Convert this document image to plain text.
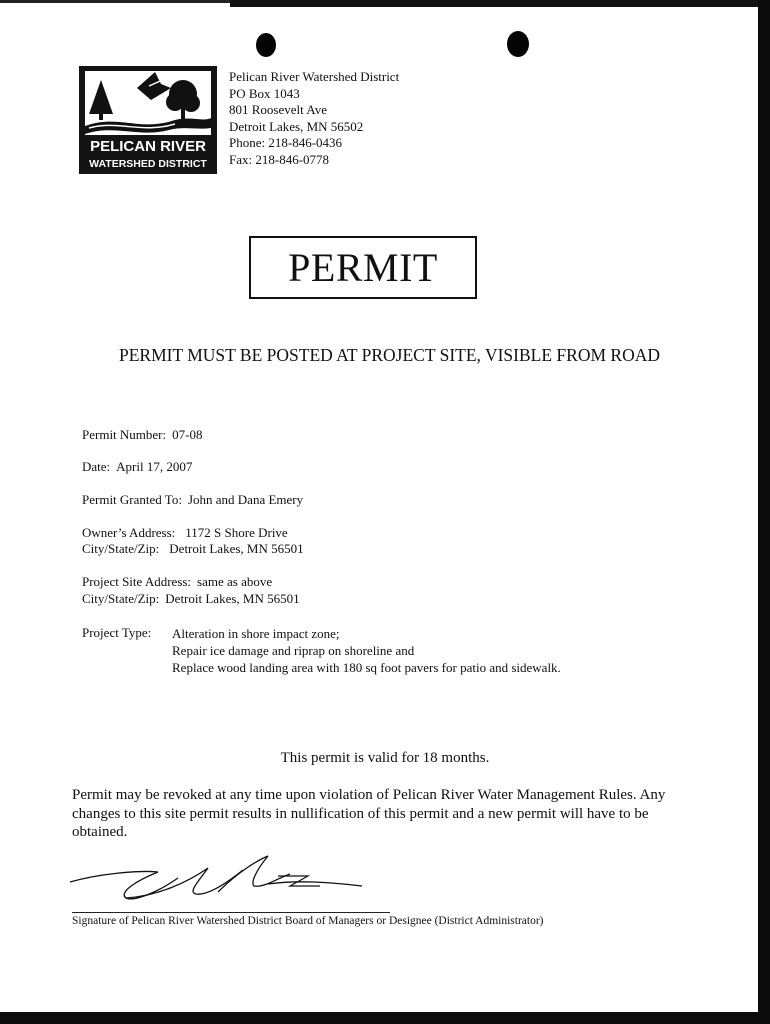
PELICAN RIVER
WATERSHED DISTRICT
Pelican River Watershed District
PO Box 1043
801 Roosevelt Ave
Detroit Lakes, MN 56502
Phone: 218-846-0436
Fax: 218-846-0778
PERMIT
PERMIT MUST BE POSTED AT PROJECT SITE, VISIBLE FROM ROAD
Permit Number: 07-08
Date: April 17, 2007
Permit Granted To: John and Dana Emery
Owner’s Address: 1172 S Shore Drive
City/State/Zip: Detroit Lakes, MN 56501
Project Site Address: same as above
City/State/Zip: Detroit Lakes, MN 56501
Project Type: Alteration in shore impact zone;
Repair ice damage and riprap on shoreline and
Replace wood landing area with 180 sq foot pavers for patio and sidewalk.
This permit is valid for 18 months.
Permit may be revoked at any time upon violation of Pelican River Water Management Rules. Any changes to this site permit results in nullification of this permit and a new permit will have to be obtained.
Signature of Pelican River Watershed District Board of Managers or Designee (District Administrator)
